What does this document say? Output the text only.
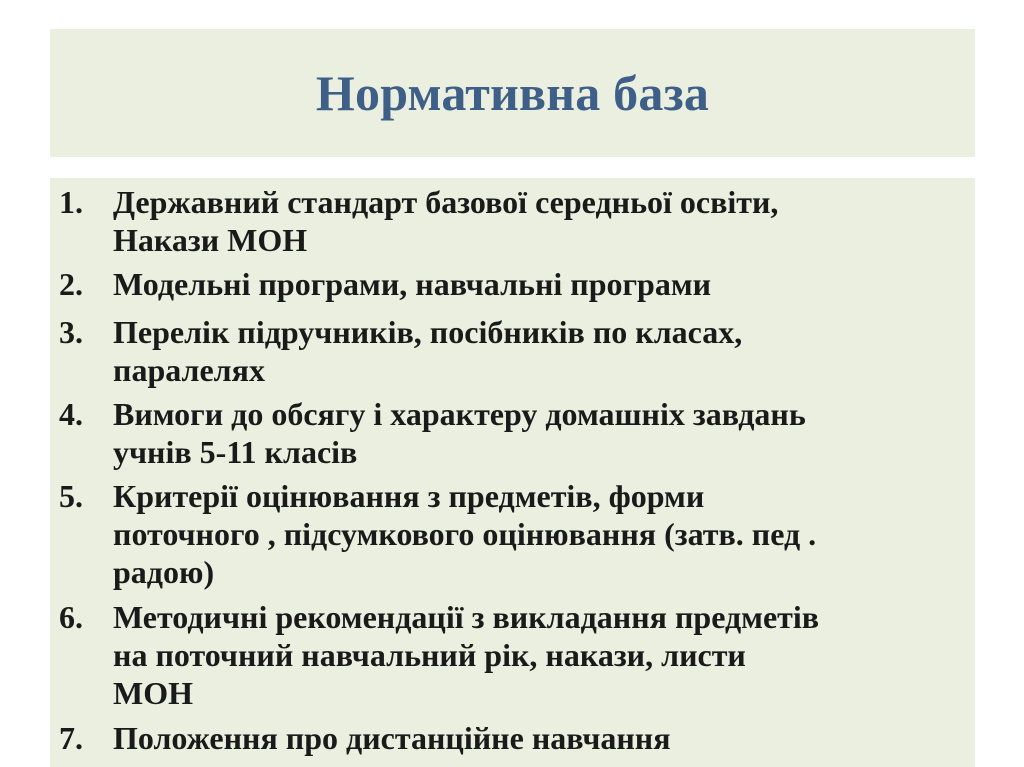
Нормативна база
1. Державний стандарт базової середньої освіти,
Накази МОН
2. Модельні програми, навчальні програми
3. Перелік підручників, посібників по класах,
паралелях
4. Вимоги до обсягу і характеру домашніх завдань
учнів 5-11 класів
5. Критерії оцінювання з предметів, форми
поточного , підсумкового оцінювання (затв. пед .
радою)
6. Методичні рекомендації з викладання предметів
на поточний навчальний рік, накази, листи
МОН
7. Положення про дистанційне навчання
